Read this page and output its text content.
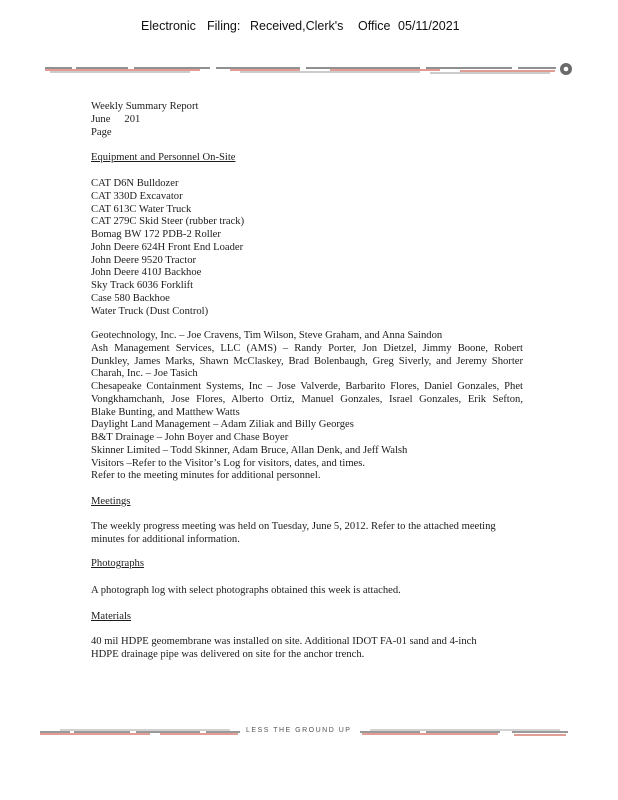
Electronic Filing: Received,Clerk's Office 05/11/2021
Weekly Summary Report
June 201
Page
Equipment and Personnel On-Site
CAT D6N Bulldozer
CAT 330D Excavator
CAT 613C Water Truck
CAT 279C Skid Steer (rubber track)
Bomag BW 172 PDB-2 Roller
John Deere 624H Front End Loader
John Deere 9520 Tractor
John Deere 410J Backhoe
Sky Track 6036 Forklift
Case 580 Backhoe
Water Truck (Dust Control)
Geotechnology, Inc. – Joe Cravens, Tim Wilson, Steve Graham, and Anna Saindon
Ash Management Services, LLC (AMS) – Randy Porter, Jon Dietzel, Jimmy Boone, Robert
Dunkley, James Marks, Shawn McClaskey, Brad Bolenbaugh, Greg Siverly, and Jeremy Shorter
Charah, Inc. – Joe Tasich
Chesapeake Containment Systems, Inc – Jose Valverde, Barbarito Flores, Daniel Gonzales, Phet
Vongkhamchanh, Jose Flores, Alberto Ortiz, Manuel Gonzales, Israel Gonzales, Erik Sefton,
Blake Bunting, and Matthew Watts
Daylight Land Management – Adam Ziliak and Billy Georges
B&T Drainage – John Boyer and Chase Boyer
Skinner Limited – Todd Skinner, Adam Bruce, Allan Denk, and Jeff Walsh
Visitors –Refer to the Visitor’s Log for visitors, dates, and times.
Refer to the meeting minutes for additional personnel.
Meetings
The weekly progress meeting was held on Tuesday, June 5, 2012. Refer to the attached meeting
minutes for additional information.
Photographs
A photograph log with select photographs obtained this week is attached.
Materials
40 mil HDPE geomembrane was installed on site. Additional IDOT FA-01 sand and 4-inch
HDPE drainage pipe was delivered on site for the anchor trench.
LESS THE GROUND UP
